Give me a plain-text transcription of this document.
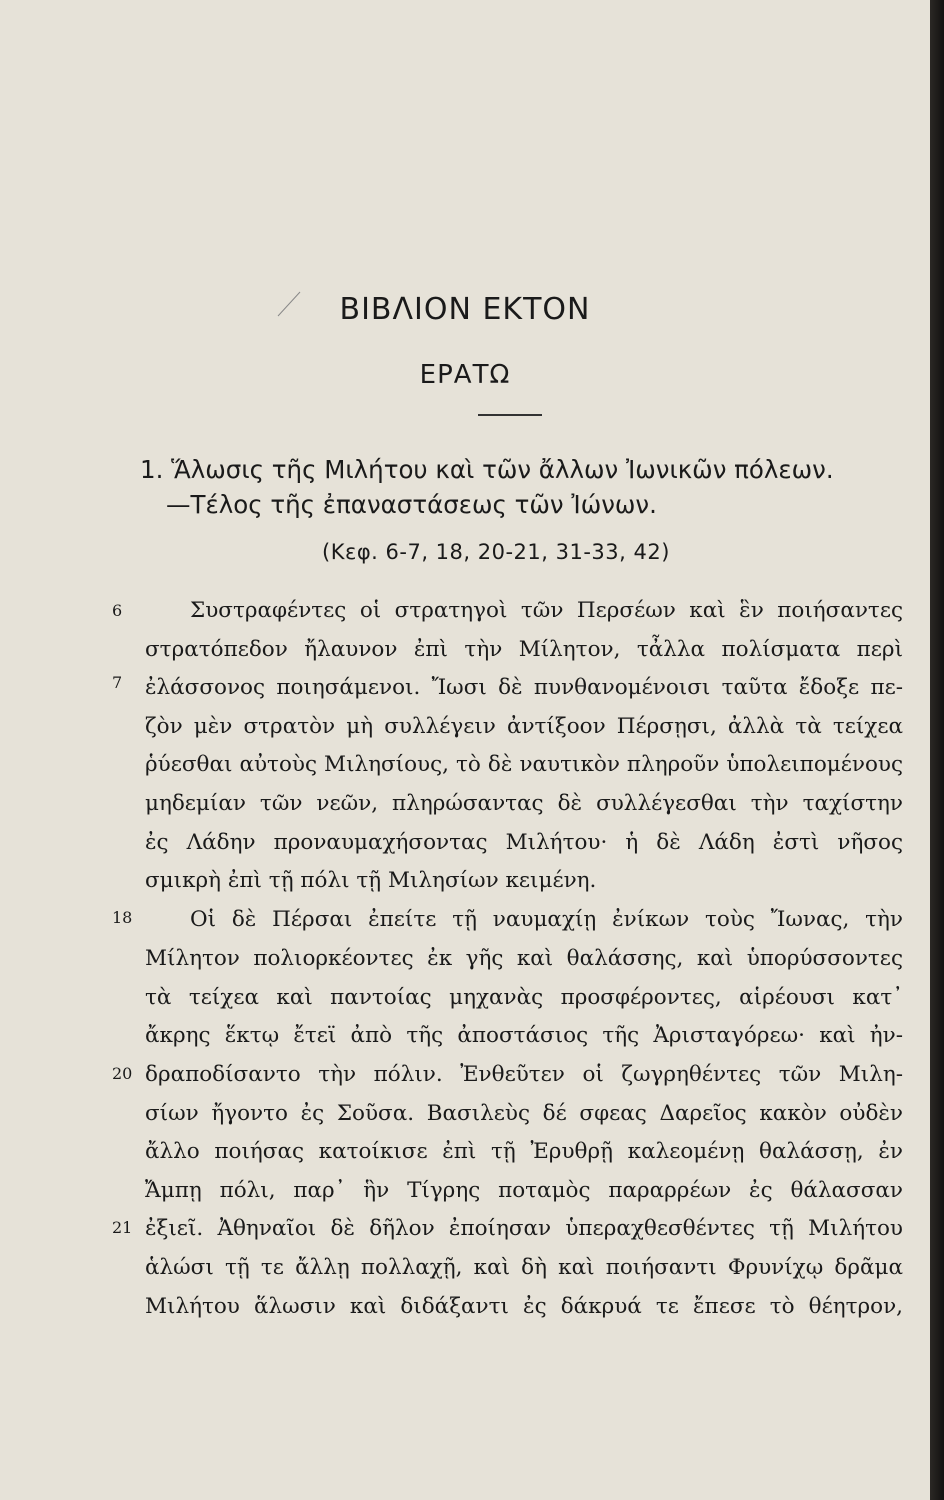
ΒΙΒΛΙΟΝ ΕΚΤΟΝ
ΕΡΑΤΩ
1. Ἅλωσις τῆς Μιλήτου καὶ τῶν ἄλλων Ἰωνικῶν πόλεων.
—Τέλος τῆς ἐπαναστάσεως τῶν Ἰώνων.
(Κεφ. 6-7, 18, 20-21, 31-33, 42)
6
7
18
20
21
Συστραφέντες οἱ στρατηγοὶ τῶν Περσέων καὶ ἓν ποιήσαντες
στρατόπεδον ἤλαυνον ἐπὶ τὴν Μίλητον, τἆλλα πολίσματα περὶ
ἐλάσσονος ποιησάμενοι. Ἴωσι δὲ πυνθανομένοισι ταῦτα ἔδοξε πε-
ζὸν μὲν στρατὸν μὴ συλλέγειν ἀντίξοον Πέρσῃσι, ἀλλὰ τὰ τείχεα
ῥύεσθαι αὐτοὺς Μιλησίους, τὸ δὲ ναυτικὸν πληροῦν ὑπολειπομένους
μηδεμίαν τῶν νεῶν, πληρώσαντας δὲ συλλέγεσθαι τὴν ταχίστην
ἐς Λάδην προναυμαχήσοντας Μιλήτου· ἡ δὲ Λάδη ἐστὶ νῆσος
σμικρὴ ἐπὶ τῇ πόλι τῇ Μιλησίων κειμένη.
Οἱ δὲ Πέρσαι ἐπείτε τῇ ναυμαχίῃ ἐνίκων τοὺς Ἴωνας, τὴν
Μίλητον πολιορκέοντες ἐκ γῆς καὶ θαλάσσης, καὶ ὑπορύσσοντες
τὰ τείχεα καὶ παντοίας μηχανὰς προσφέροντες, αἱρέουσι κατ᾿
ἄκρης ἕκτῳ ἔτεϊ ἀπὸ τῆς ἀποστάσιος τῆς Ἀρισταγόρεω· καὶ ἠν-
δραποδίσαντο τὴν πόλιν. Ἐνθεῦτεν οἱ ζωγρηθέντες τῶν Μιλη-
σίων ἤγοντο ἐς Σοῦσα. Βασιλεὺς δέ σφεας Δαρεῖος κακὸν οὐδὲν
ἄλλο ποιήσας κατοίκισε ἐπὶ τῇ Ἐρυθρῇ καλεομένῃ θαλάσσῃ, ἐν
Ἄμπῃ πόλι, παρ᾿ ἣν Τίγρης ποταμὸς παραρρέων ἐς θάλασσαν
ἐξιεῖ. Ἀθηναῖοι δὲ δῆλον ἐποίησαν ὑπεραχθεσθέντες τῇ Μιλήτου
ἁλώσι τῇ τε ἄλλῃ πολλαχῇ, καὶ δὴ καὶ ποιήσαντι Φρυνίχῳ δρᾶμα
Μιλήτου ἅλωσιν καὶ διδάξαντι ἐς δάκρυά τε ἔπεσε τὸ θέητρον,
